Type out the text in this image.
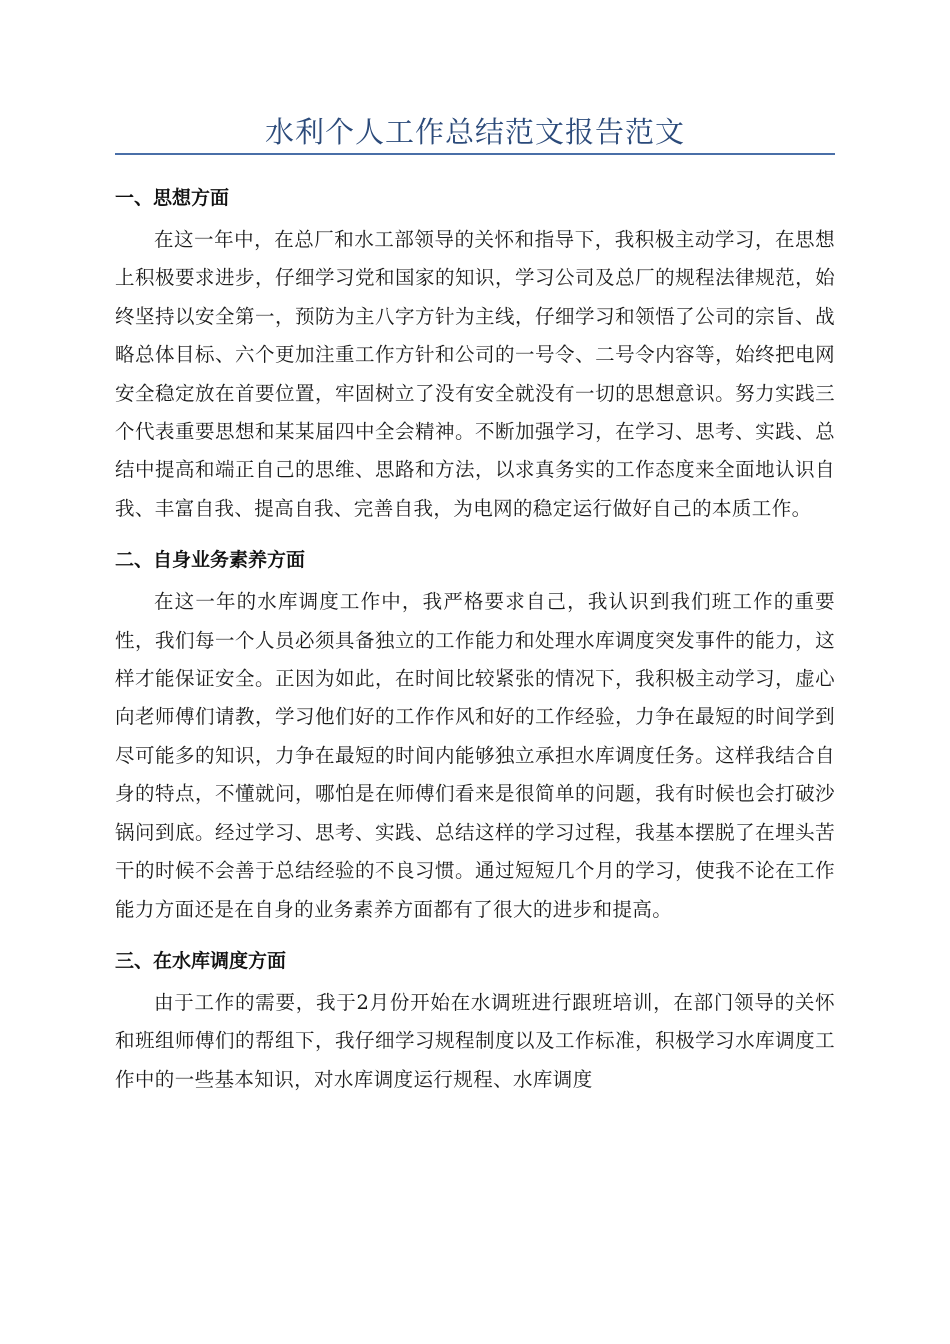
水利个人工作总结范文报告范文
一、思想方面

在这一年中，在总厂和水工部领导的关怀和指导下，我积极主动学习，在思想上积极要求进步，仔细学习党和国家的知识，学习公司及总厂的规程法律规范，始终坚持以安全第一，预防为主八字方针为主线，仔细学习和领悟了公司的宗旨、战略总体目标、六个更加注重工作方针和公司的一号令、二号令内容等，始终把电网安全稳定放在首要位置，牢固树立了没有安全就没有一切的思想意识。努力实践三个代表重要思想和某某届四中全会精神。不断加强学习，在学习、思考、实践、总结中提高和端正自己的思维、思路和方法，以求真务实的工作态度来全面地认识自我、丰富自我、提高自我、完善自我，为电网的稳定运行做好自己的本质工作。

二、自身业务素养方面

在这一年的水库调度工作中，我严格要求自己，我认识到我们班工作的重要性，我们每一个人员必须具备独立的工作能力和处理水库调度突发事件的能力，这样才能保证安全。正因为如此，在时间比较紧张的情况下，我积极主动学习，虚心向老师傅们请教，学习他们好的工作作风和好的工作经验，力争在最短的时间学到尽可能多的知识，力争在最短的时间内能够独立承担水库调度任务。这样我结合自身的特点，不懂就问，哪怕是在师傅们看来是很简单的问题，我有时候也会打破沙锅问到底。经过学习、思考、实践、总结这样的学习过程，我基本摆脱了在埋头苦干的时候不会善于总结经验的不良习惯。通过短短几个月的学习，使我不论在工作能力方面还是在自身的业务素养方面都有了很大的进步和提高。

三、在水库调度方面

由于工作的需要，我于2月份开始在水调班进行跟班培训，在部门领导的关怀和班组师傅们的帮组下，我仔细学习规程制度以及工作标准，积极学习水库调度工作中的一些基本知识，对水库调度运行规程、水库调度
